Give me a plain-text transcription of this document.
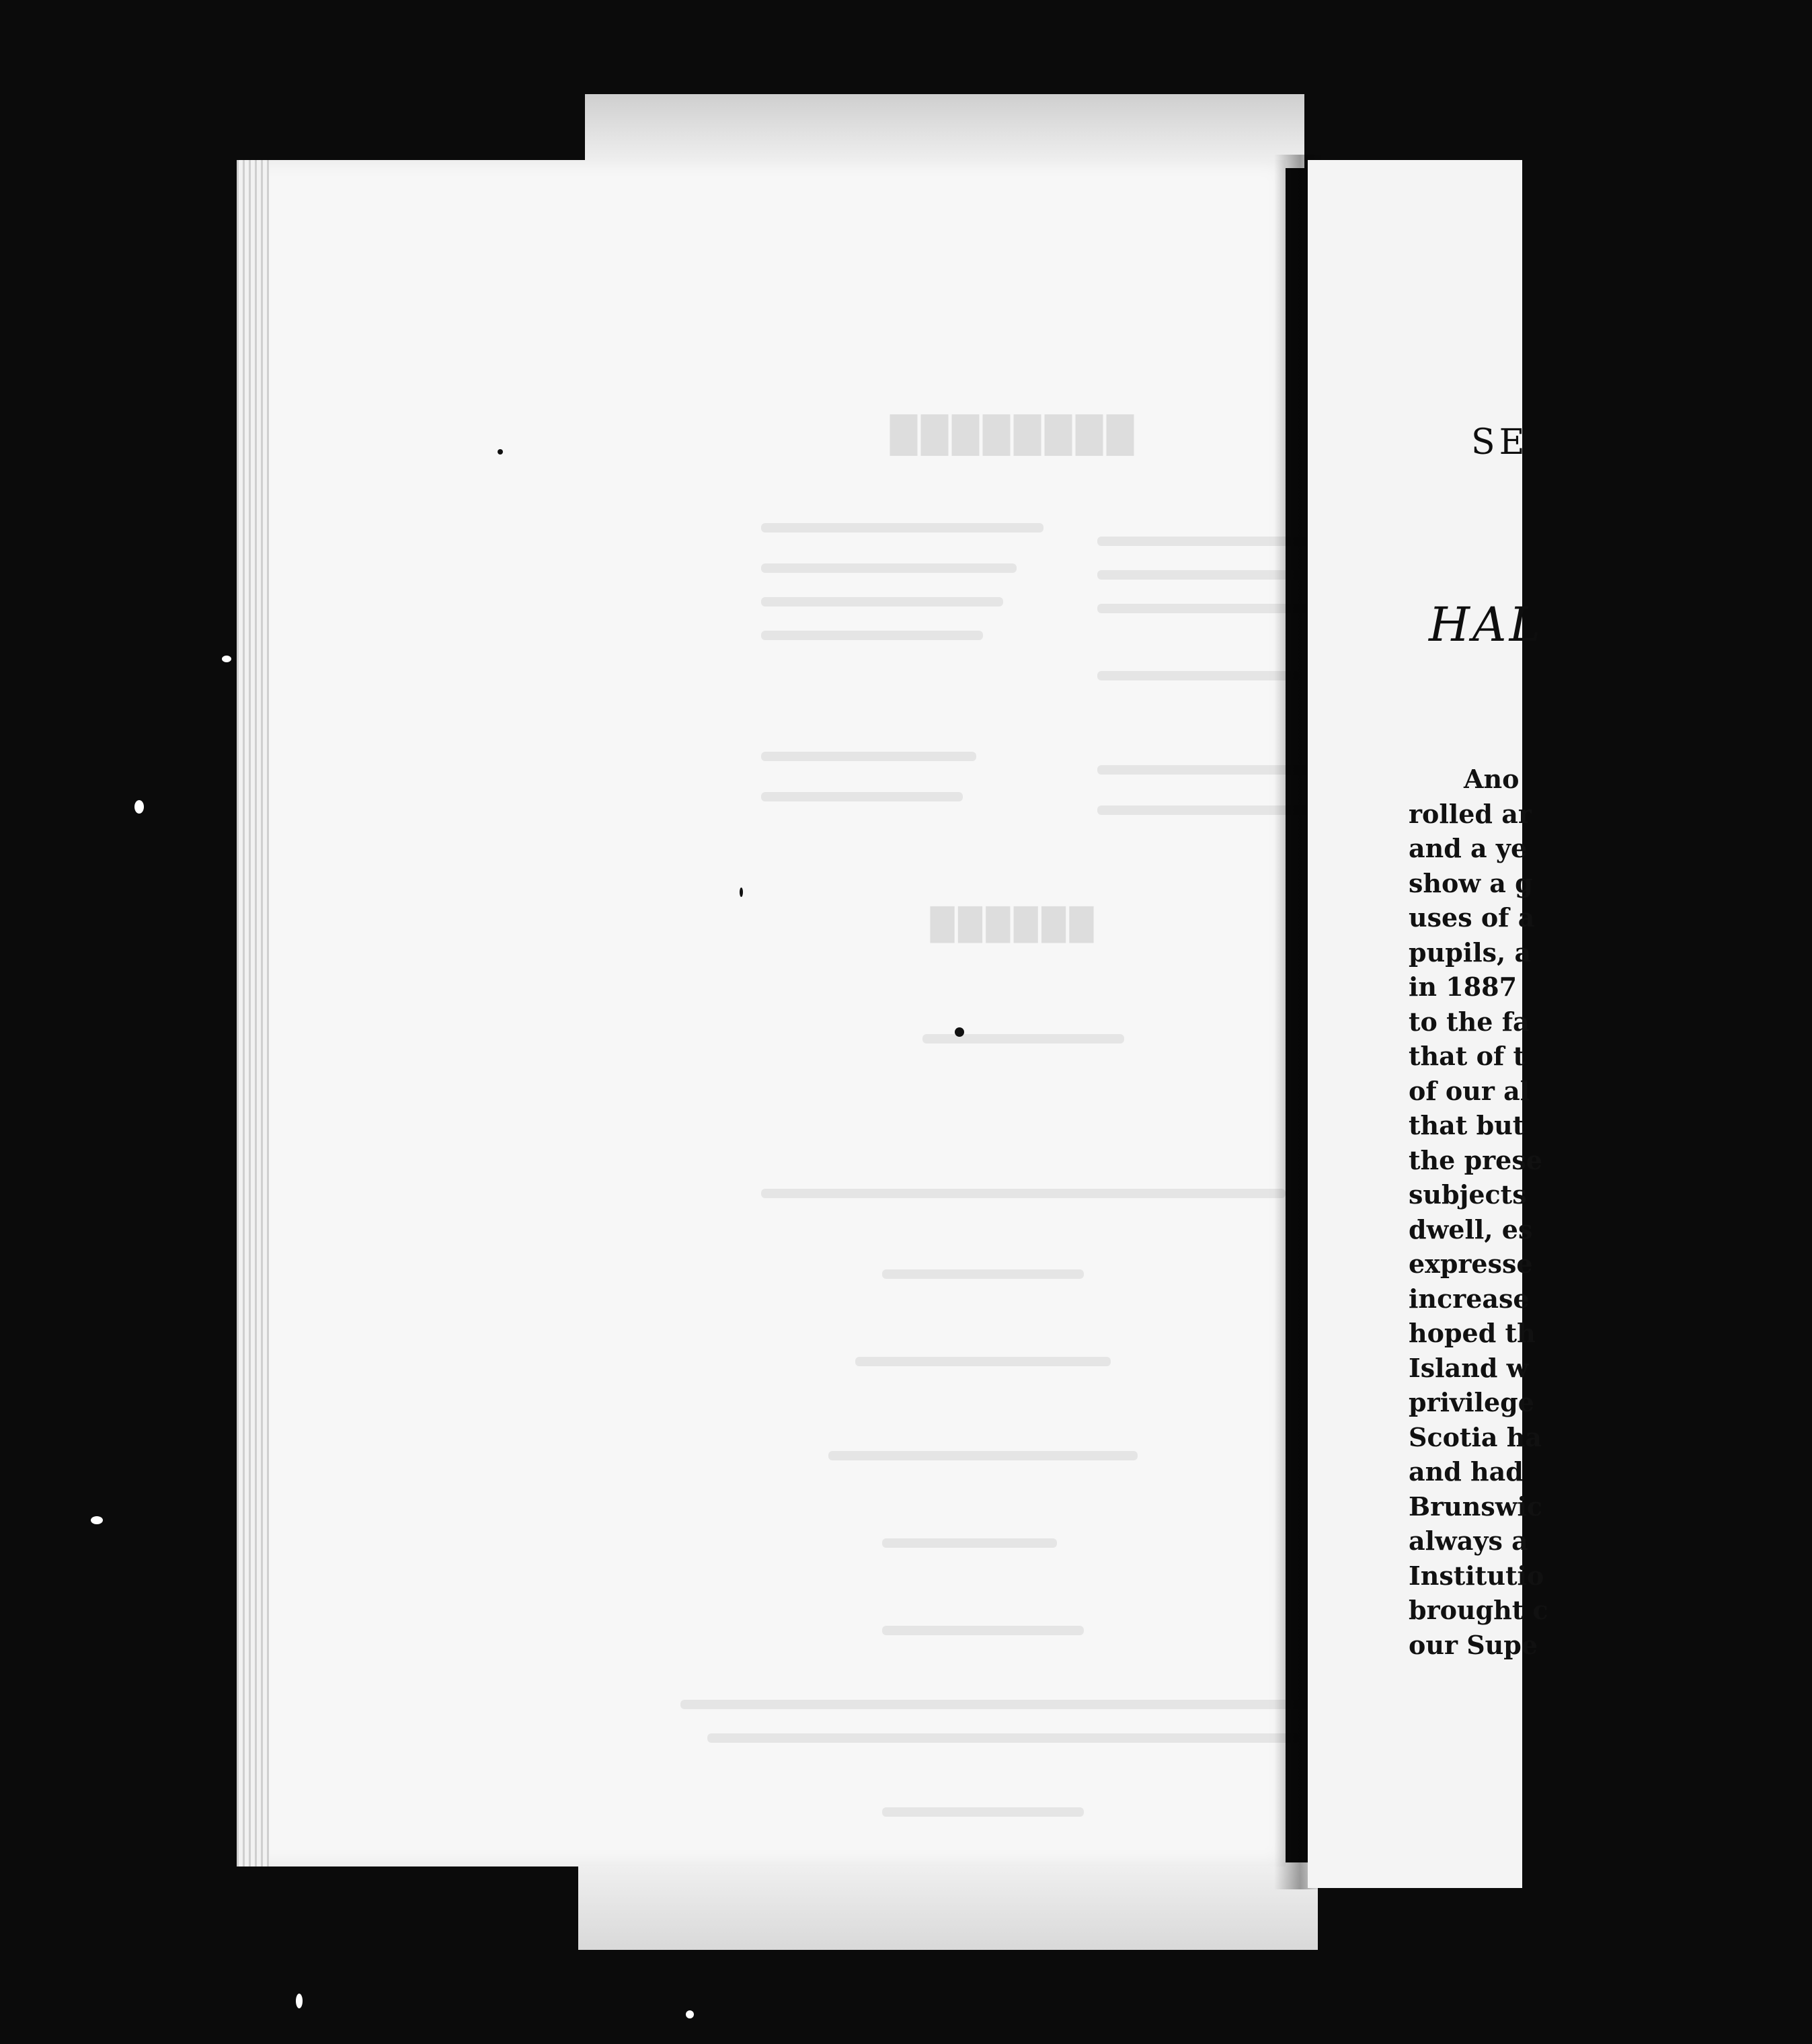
████████
██████
SE
HAL
Ano
rolled ar
and a ye
show a g
uses of a
pupils, a
in 1887
to the fa
that of t
of our al
that but
the prese
subjects
dwell, es
expresse
increase
hoped th
Island w
privilege
Scotia ha
and had
Brunswic
always a
Institutio
brought c
our Supe
